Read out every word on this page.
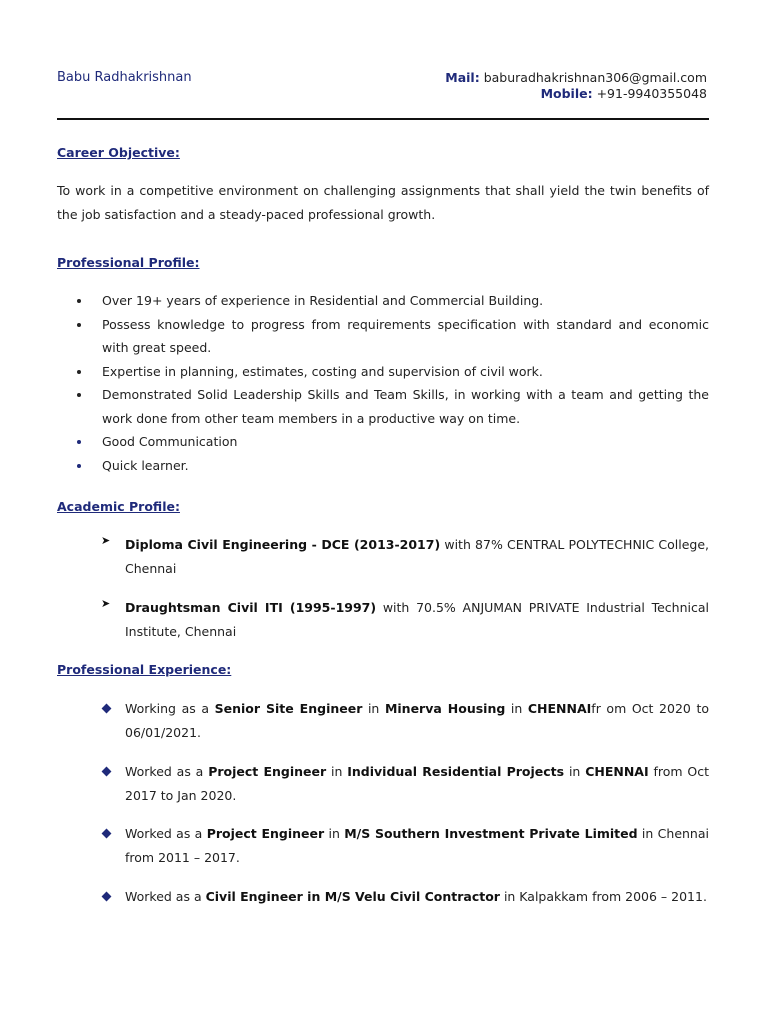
Babu Radhakrishnan	Mail: baburadhakrishnan306@gmail.com
Mobile: +91-9940355048
Career Objective:
To work in a competitive environment on challenging assignments that shall yield the twin benefits of the job satisfaction and a steady-paced professional growth.
Professional Profile:
Over 19+ years of experience in Residential and Commercial Building.
Possess knowledge to progress from requirements specification with standard and economic with great speed.
Expertise in planning, estimates, costing and supervision of civil work.
Demonstrated Solid Leadership Skills and Team Skills, in working with a team and getting the work done from other team members in a productive way on time.
Good Communication
Quick learner.
Academic Profile:
➤ Diploma Civil Engineering - DCE (2013-2017) with 87% CENTRAL POLYTECHNIC College, Chennai
➤ Draughtsman Civil ITI (1995-1997) with 70.5% ANJUMAN PRIVATE Industrial Technical Institute, Chennai
Professional Experience:
Working as a Senior Site Engineer in Minerva Housing in CHENNAIfr om Oct 2020 to 06/01/2021.
Worked as a Project Engineer in Individual Residential Projects in CHENNAI from Oct 2017 to Jan 2020.
Worked as a Project Engineer in M/S Southern Investment Private Limited in Chennai from 2011 – 2017.
Worked as a Civil Engineer in M/S Velu Civil Contractor in Kalpakkam from 2006 – 2011.
